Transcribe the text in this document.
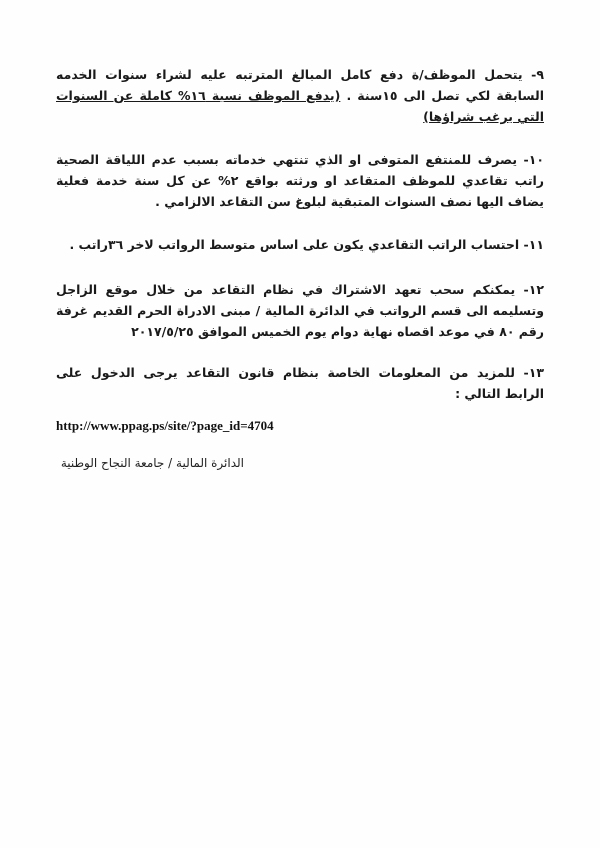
٩- يتحمل الموظف/ة دفع كامل المبالغ المترتبه عليه لشراء سنوات الخدمه السابقة لكي تصل الى ١٥سنة . (يدفع الموظف نسبة ١٦% كاملة عن السنوات التي يرغب شراؤها)

١٠- يصرف للمنتفع المتوفى او الذي تنتهي خدماته بسبب عدم اللياقة الصحية راتب تقاعدي للموظف المتقاعد او ورثته بواقع ٢% عن كل سنة خدمة فعلية يضاف اليها نصف السنوات المتبقية لبلوغ سن التقاعد الالزامي .

١١- احتساب الراتب التقاعدي يكون على اساس متوسط الرواتب لاخر ٣٦راتب .

١٢- يمكنكم سحب تعهد الاشتراك في نظام التقاعد من خلال موقع الزاجل وتسليمه الى قسم الرواتب في الدائرة المالية / مبنى الادراة الحرم القديم غرفة رقم ٨٠ في موعد اقصاه نهاية دوام يوم الخميس الموافق ٢٠١٧/٥/٢٥

١٣- للمزيد من المعلومات الخاصة بنظام قانون التقاعد يرجى الدخول على الرابط التالي :

http://www.ppag.ps/site/?page_id=4704
الدائرة المالية / جامعة النجاح الوطنية
